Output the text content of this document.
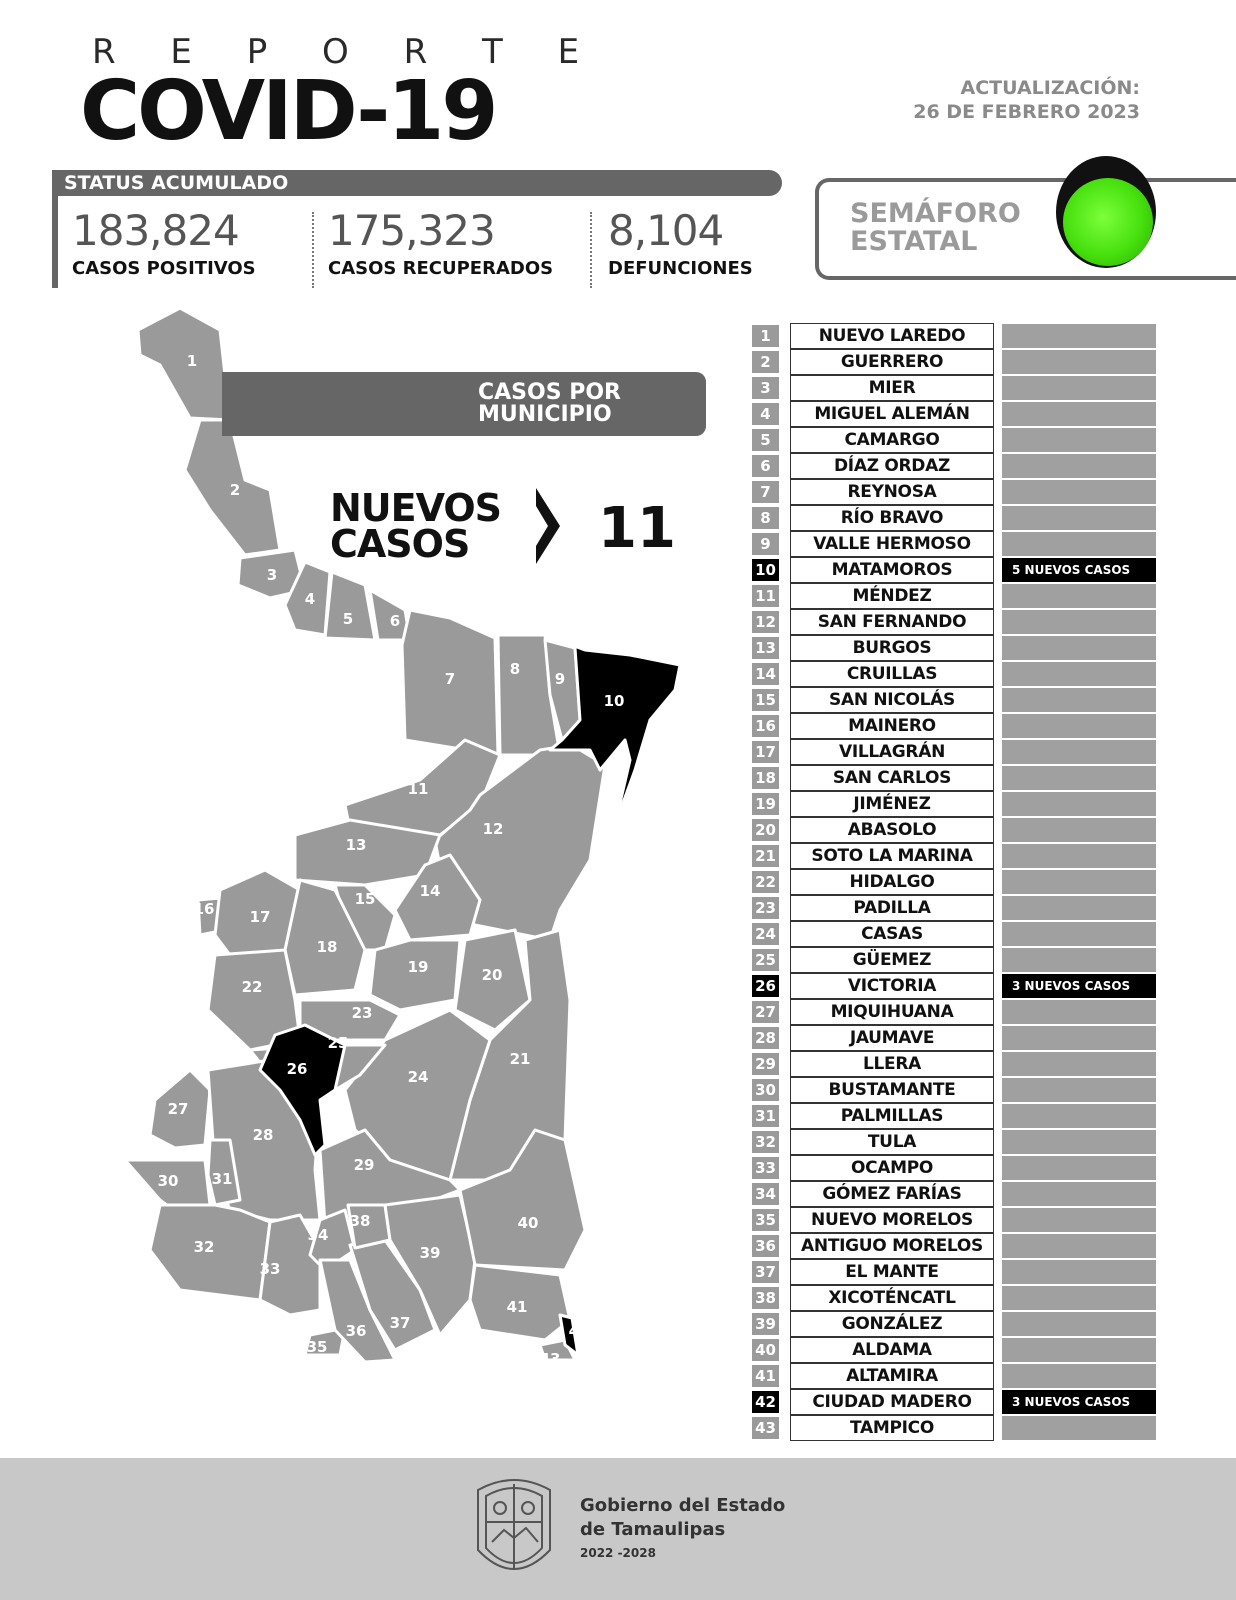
R E P O R T E
COVID-19	ACTUALIZACIÓN:
26 DE FEBRERO 2023
STATUS ACUMULADO
183,824
CASOS POSITIVOS
175,323
CASOS RECUPERADOS
8,104
DEFUNCIONES
SEMÁFORO
ESTATAL
1
2
3
4
5 6
7
8
9
10
11
12
13
14
15
16 17
18
19	20
21
22
23
24
25
26
27
28
29
30 31
32
33
34
35
36 37
38
39
40
41
42
43
CASOS POR
MUNICIPIO
NUEVOS
CASOS	11
1	NUEVO LAREDO
2	GUERRERO
3	MIER
4	MIGUEL ALEMÁN
5	CAMARGO
6	DÍAZ ORDAZ
7	REYNOSA
8	RÍO BRAVO
9	VALLE HERMOSO
10	MATAMOROS	5 NUEVOS CASOS
11	MÉNDEZ
12	SAN FERNANDO
13	BURGOS
14	CRUILLAS
15	SAN NICOLÁS
16	MAINERO
17	VILLAGRÁN
18	SAN CARLOS
19	JIMÉNEZ
20	ABASOLO
21	SOTO LA MARINA
22	HIDALGO
23	PADILLA
24	CASAS
25	GÜEMEZ
26	VICTORIA	3 NUEVOS CASOS
27	MIQUIHUANA
28	JAUMAVE
29	LLERA
30	BUSTAMANTE
31	PALMILLAS
32	TULA
33	OCAMPO
34	GÓMEZ FARÍAS
35	NUEVO MORELOS
36	ANTIGUO MORELOS
37	EL MANTE
38	XICOTÉNCATL
39	GONZÁLEZ
40	ALDAMA
41	ALTAMIRA
42	CIUDAD MADERO	3 NUEVOS CASOS
43	TAMPICO
Gobierno del Estado
de Tamaulipas
2022 -2028
